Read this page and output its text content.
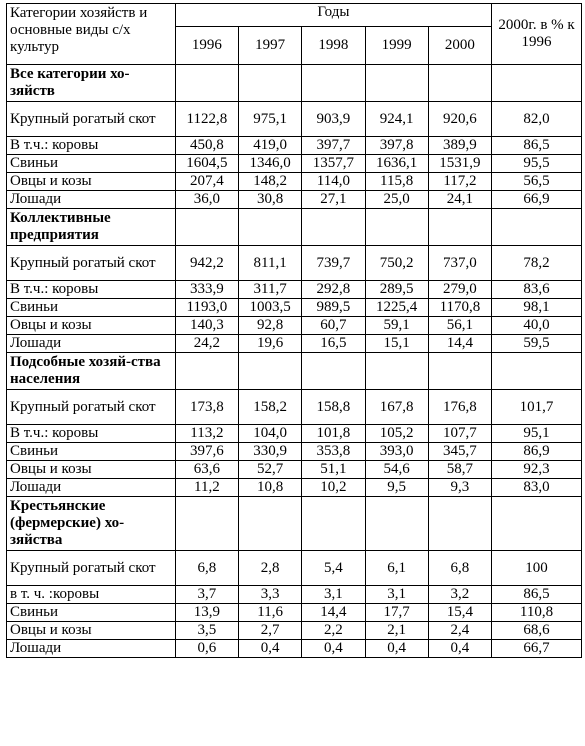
Категории хозяйств и основные виды с/х культур	Годы					2000г. в % к 1996
	1996	1997	1998	1999	2000	
Все категории хо-зяйств						
Крупный рогатый скот	1122,8	975,1	903,9	924,1	920,6	82,0
В т.ч.: коровы	450,8	419,0	397,7	397,8	389,9	86,5
Свиньи	1604,5	1346,0	1357,7	1636,1	1531,9	95,5
Овцы и козы	207,4	148,2	114,0	115,8	117,2	56,5
Лошади	36,0	30,8	27,1	25,0	24,1	66,9
Коллективные предприятия						
Крупный рогатый скот	942,2	811,1	739,7	750,2	737,0	78,2
В т.ч.: коровы	333,9	311,7	292,8	289,5	279,0	83,6
Свиньи	1193,0	1003,5	989,5	1225,4	1170,8	98,1
Овцы и козы	140,3	92,8	60,7	59,1	56,1	40,0
Лошади	24,2	19,6	16,5	15,1	14,4	59,5
Подсобные хозяй-ства населения						
Крупный рогатый скот	173,8	158,2	158,8	167,8	176,8	101,7
В т.ч.: коровы	113,2	104,0	101,8	105,2	107,7	95,1
Свиньи	397,6	330,9	353,8	393,0	345,7	86,9
Овцы и козы	63,6	52,7	51,1	54,6	58,7	92,3
Лошади	11,2	10,8	10,2	9,5	9,3	83,0
Крестьянские (фермерские) хо-зяйства						
Крупный рогатый скот	6,8	2,8	5,4	6,1	6,8	100
в т. ч. :коровы	3,7	3,3	3,1	3,1	3,2	86,5
Свиньи	13,9	11,6	14,4	17,7	15,4	110,8
Овцы и козы	3,5	2,7	2,2	2,1	2,4	68,6
Лошади	0,6	0,4	0,4	0,4	0,4	66,7
